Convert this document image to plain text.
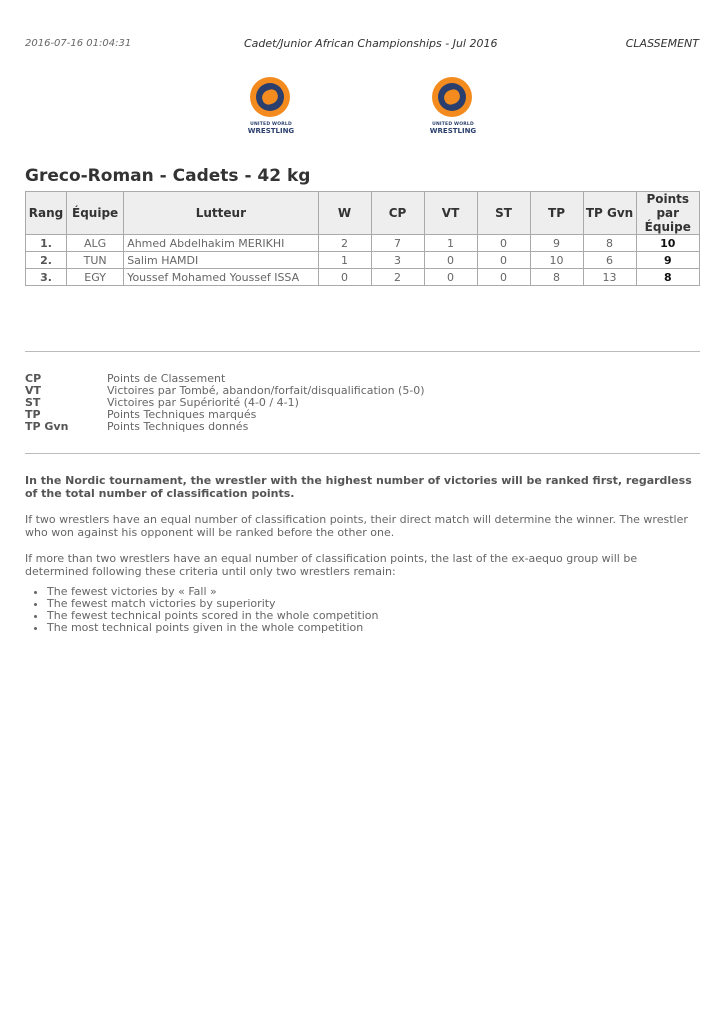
2016-07-16 01:04:31	Cadet/Junior African Championships - Jul 2016	CLASSEMENT
UNITED WORLD
WRESTLING
UNITED WORLD
WRESTLING
Greco-Roman - Cadets - 42 kg
Rang	Équipe	Lutteur	W	CP	VT	ST	TP	TP Gvn	Points par Équipe
1.	ALG	Ahmed Abdelhakim MERIKHI	2	7	1	0	9	8	10
2.	TUN	Salim HAMDI	1	3	0	0	10	6	9
3.	EGY	Youssef Mohamed Youssef ISSA	0	2	0	0	8	13	8
CP	Points de Classement
VT	Victoires par Tombé, abandon/forfait/disqualification (5-0)
ST	Victoires par Supériorité (4-0 / 4-1)
TP	Points Techniques marqués
TP Gvn	Points Techniques donnés

In the Nordic tournament, the wrestler with the highest number of victories will be ranked first, regardless of the total number of classification points.

If two wrestlers have an equal number of classification points, their direct match will determine the winner. The wrestler who won against his opponent will be ranked before the other one.

If more than two wrestlers have an equal number of classification points, the last of the ex-aequo group will be determined following these criteria until only two wrestlers remain:

• The fewest victories by « Fall »
• The fewest match victories by superiority
• The fewest technical points scored in the whole competition
• The most technical points given in the whole competition
